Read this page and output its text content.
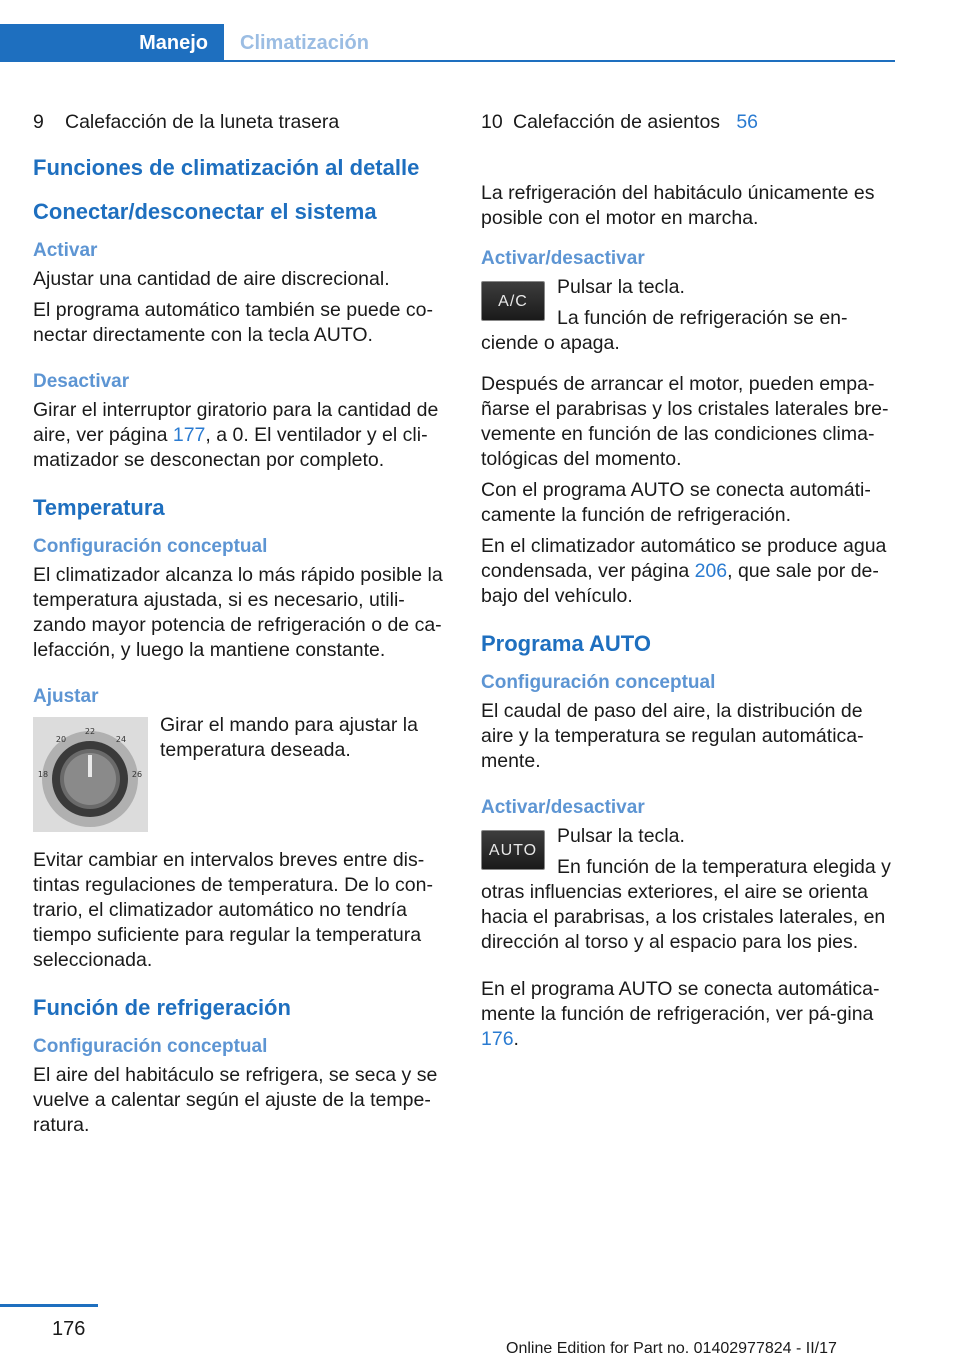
Manejo	Climatización
9	Calefacción de la luneta trasera
Funciones de climatización al detalle
Conectar/desconectar el sistema
Activar

Ajustar una cantidad de aire discrecional.

El programa automático también se puede co‐nectar directamente con la tecla AUTO.

Desactivar

Girar el interruptor giratorio para la cantidad de aire, ver página 177, a 0. El ventilador y el cli‐matizador se desconectan por completo.

Temperatura
Configuración conceptual

El climatizador alcanza lo más rápido posible la temperatura ajustada, si es necesario, utili‐zando mayor potencia de refrigeración o de ca‐lefacción, y luego la mantiene constante.

Ajustar
22
20	24
18	26

Girar el mando para ajustar la temperatura deseada.

Evitar cambiar en intervalos breves entre dis‐tintas regulaciones de temperatura. De lo con‐trario, el climatizador automático no tendría tiempo suficiente para regular la temperatura seleccionada.

Función de refrigeración
Configuración conceptual

El aire del habitáculo se refrigera, se seca y se vuelve a calentar según el ajuste de la tempe‐ratura.

10 Calefacción de asientos 56

La refrigeración del habitáculo únicamente es posible con el motor en marcha.

Activar/desactivar
A/C

Pulsar la tecla.

La función de refrigeración se en‐ciende o apaga.

Después de arrancar el motor, pueden empa‐ñarse el parabrisas y los cristales laterales bre‐vemente en función de las condiciones clima‐tológicas del momento.

Con el programa AUTO se conecta automáti‐camente la función de refrigeración.

En el climatizador automático se produce agua condensada, ver página 206, que sale por de‐bajo del vehículo.

Programa AUTO
Configuración conceptual

El caudal de paso del aire, la distribución de aire y la temperatura se regulan automática‐mente.

Activar/desactivar
AUTO

Pulsar la tecla.

En función de la temperatura elegida y otras influencias exteriores, el aire se orienta hacia el parabrisas, a los cristales laterales, en dirección al torso y al espacio para los pies.

En el programa AUTO se conecta automática‐mente la función de refrigeración, ver pá‐gina 176.

176
Online Edition for Part no. 01402977824 - II/17
